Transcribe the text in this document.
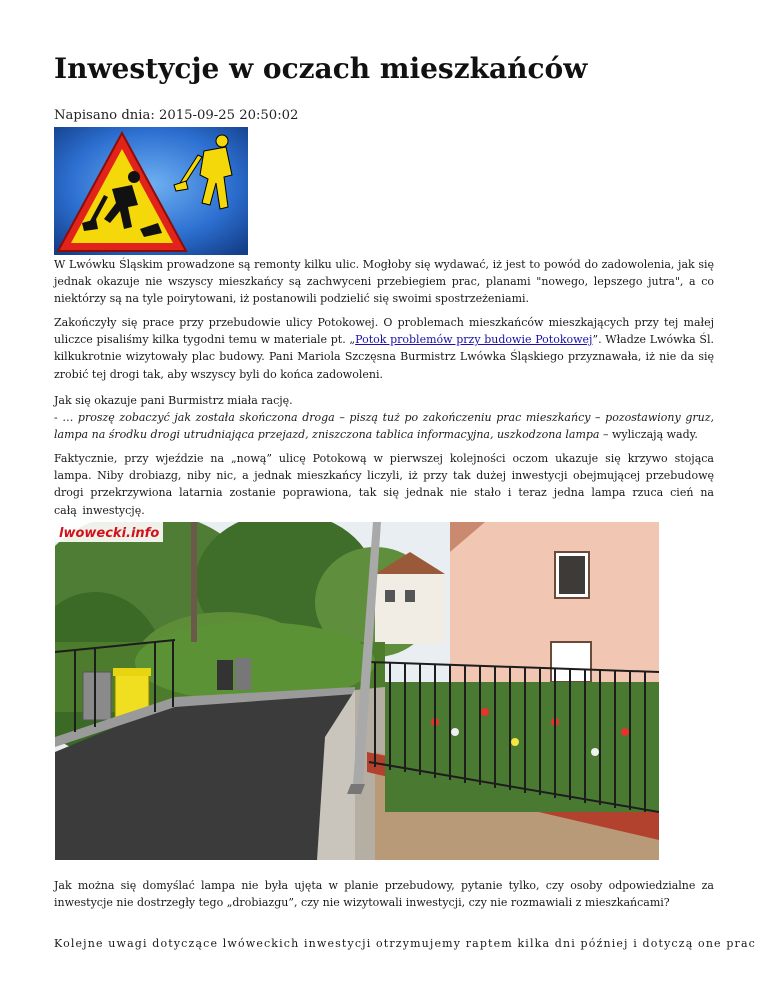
Inwestycje w oczach mieszkańców
Napisano dnia: 2015-09-25 20:50:02

W Lwówku Śląskim prowadzone są remonty kilku ulic. Mogłoby się wydawać, iż jest to powód do zadowolenia, jak się jednak okazuje nie wszyscy mieszkańcy są zachwyceni przebiegiem prac, planami "nowego, lepszego jutra", a co niektórzy są na tyle poirytowani, iż postanowili podzielić się swoimi spostrzeżeniami.

Zakończyły się prace przy przebudowie ulicy Potokowej. O problemach mieszkańców mieszkających przy tej małej uliczce pisaliśmy kilka tygodni temu w materiale pt. „Potok problemów przy budowie Potokowej”. Władze Lwówka Śl. kilkukrotnie wizytowały plac budowy. Pani Mariola Szczęsna Burmistrz Lwówka Śląskiego przyznawała, iż nie da się zrobić tej drogi tak, aby wszyscy byli do końca zadowoleni.

Jak się okazuje pani Burmistrz miała rację.
- … proszę zobaczyć jak została skończona droga – piszą tuż po zakończeniu prac mieszkańcy – pozostawiony gruz, lampa na środku drogi utrudniająca przejazd, zniszczona tablica informacyjna, uszkodzona lampa – wyliczają wady.

Faktycznie, przy wjeździe na „nową” ulicę Potokową w pierwszej kolejności oczom ukazuje się krzywo stojąca lampa. Niby drobiazg, niby nic, a jednak mieszkańcy liczyli, iż przy tak dużej inwestycji obejmującej przebudowę drogi przekrzywiona latarnia zostanie poprawiona, tak się jednak nie stało i teraz jedna lampa rzuca cień na całą inwestycję.

Jak można się domyślać lampa nie była ujęta w planie przebudowy, pytanie tylko, czy osoby odpowiedzialne za inwestycje nie dostrzegły tego „drobiazgu”, czy nie wizytowali inwestycji, czy nie rozmawiali z mieszkańcami?

Kolejne uwagi dotyczące lwóweckich inwestycji otrzymujemy raptem kilka dni później i dotyczą one prac

lwowecki.info
